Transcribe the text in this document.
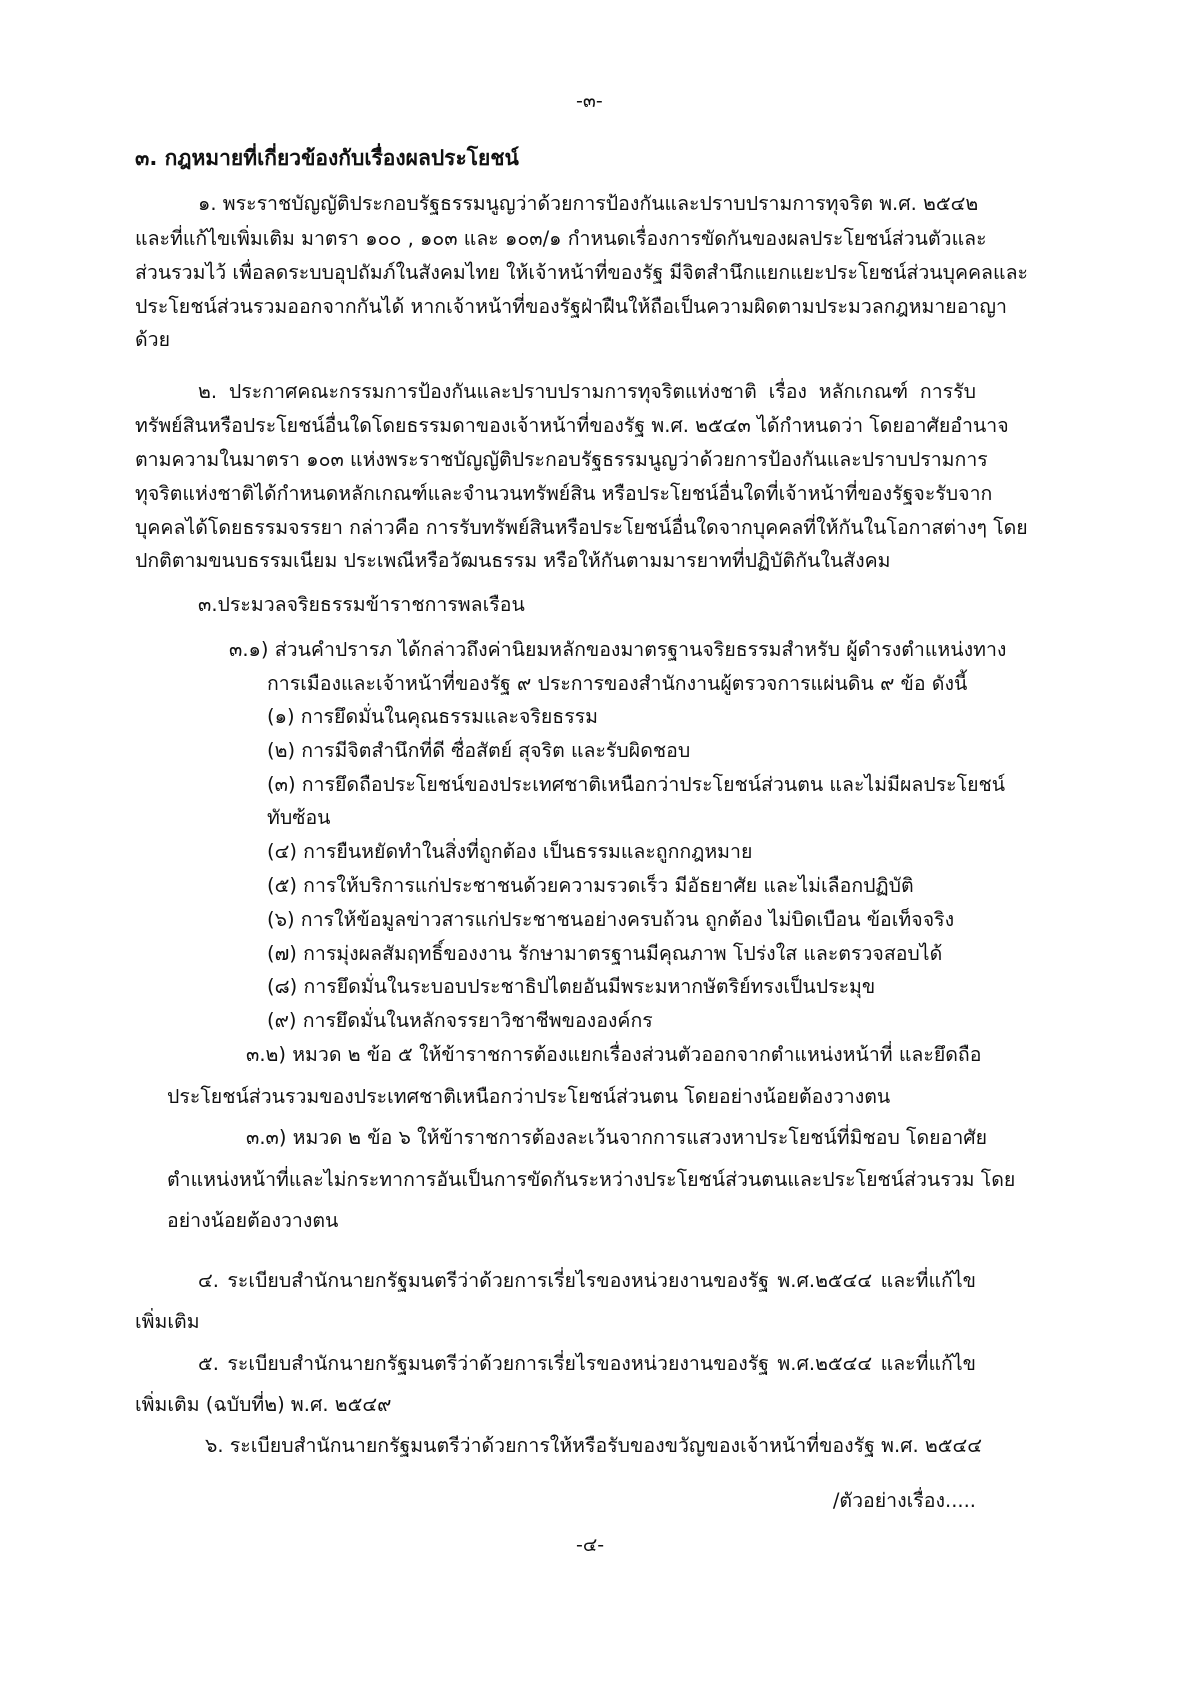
-๓-
๓. กฎหมายที่เกี่ยวข้องกับเรื่องผลประโยชน์
๑. พระราชบัญญัติประกอบรัฐธรรมนูญว่าด้วยการป้องกันและปราบปรามการทุจริต พ.ศ. ๒๕๔๒
และที่แก้ไขเพิ่มเติม มาตรา ๑๐๐ , ๑๐๓ และ ๑๐๓/๑ กำหนดเรื่องการขัดกันของผลประโยชน์ส่วนตัวและ
ส่วนรวมไว้ เพื่อลดระบบอุปถัมภ์ในสังคมไทย ให้เจ้าหน้าที่ของรัฐ มีจิตสำนึกแยกแยะประโยชน์ส่วนบุคคลและ
ประโยชน์ส่วนรวมออกจากกันได้ หากเจ้าหน้าที่ของรัฐฝ่าฝืนให้ถือเป็นความผิดตามประมวลกฎหมายอาญา
ด้วย
๒. ประกาศคณะกรรมการป้องกันและปราบปรามการทุจริตแห่งชาติ เรื่อง หลักเกณฑ์ การรับ
ทรัพย์สินหรือประโยชน์อื่นใดโดยธรรมดาของเจ้าหน้าที่ของรัฐ พ.ศ. ๒๕๔๓ ได้กำหนดว่า โดยอาศัยอำนาจ
ตามความในมาตรา ๑๐๓ แห่งพระราชบัญญัติประกอบรัฐธรรมนูญว่าด้วยการป้องกันและปราบปรามการ
ทุจริตแห่งชาติได้กำหนดหลักเกณฑ์และจำนวนทรัพย์สิน หรือประโยชน์อื่นใดที่เจ้าหน้าที่ของรัฐจะรับจาก
บุคคลได้โดยธรรมจรรยา กล่าวคือ การรับทรัพย์สินหรือประโยชน์อื่นใดจากบุคคลที่ให้กันในโอกาสต่างๆ โดย
ปกติตามขนบธรรมเนียม ประเพณีหรือวัฒนธรรม หรือให้กันตามมารยาทที่ปฏิบัติกันในสังคม
๓.ประมวลจริยธรรมข้าราชการพลเรือน
๓.๑) ส่วนคำปรารภ ได้กล่าวถึงค่านิยมหลักของมาตรฐานจริยธรรมสำหรับ ผู้ดำรงตำแหน่งทาง
การเมืองและเจ้าหน้าที่ของรัฐ ๙ ประการของสำนักงานผู้ตรวจการแผ่นดิน ๙ ข้อ ดังนี้
(๑) การยึดมั่นในคุณธรรมและจริยธรรม
(๒) การมีจิตสำนึกที่ดี ซื่อสัตย์ สุจริต และรับผิดชอบ
(๓) การยึดถือประโยชน์ของประเทศชาติเหนือกว่าประโยชน์ส่วนตน และไม่มีผลประโยชน์
ทับซ้อน
(๔) การยืนหยัดทำในสิ่งที่ถูกต้อง เป็นธรรมและถูกกฎหมาย
(๕) การให้บริการแก่ประชาชนด้วยความรวดเร็ว มีอัธยาศัย และไม่เลือกปฏิบัติ
(๖) การให้ข้อมูลข่าวสารแก่ประชาชนอย่างครบถ้วน ถูกต้อง ไม่บิดเบือน ข้อเท็จจริง
(๗) การมุ่งผลสัมฤทธิ์ของงาน รักษามาตรฐานมีคุณภาพ โปร่งใส และตรวจสอบได้
(๘) การยึดมั่นในระบอบประชาธิปไตยอันมีพระมหากษัตริย์ทรงเป็นประมุข
(๙) การยึดมั่นในหลักจรรยาวิชาชีพขององค์กร
๓.๒) หมวด ๒ ข้อ ๕ ให้ข้าราชการต้องแยกเรื่องส่วนตัวออกจากตำแหน่งหน้าที่ และยึดถือ
ประโยชน์ส่วนรวมของประเทศชาติเหนือกว่าประโยชน์ส่วนตน โดยอย่างน้อยต้องวางตน
๓.๓) หมวด ๒ ข้อ ๖ ให้ข้าราชการต้องละเว้นจากการแสวงหาประโยชน์ที่มิชอบ โดยอาศัย
ตำแหน่งหน้าที่และไม่กระทาการอันเป็นการขัดกันระหว่างประโยชน์ส่วนตนและประโยชน์ส่วนรวม โดย
อย่างน้อยต้องวางตน
๔. ระเบียบสำนักนายกรัฐมนตรีว่าด้วยการเรี่ยไรของหน่วยงานของรัฐ พ.ศ.๒๕๔๔ และที่แก้ไข
เพิ่มเติม
๕. ระเบียบสำนักนายกรัฐมนตรีว่าด้วยการเรี่ยไรของหน่วยงานของรัฐ พ.ศ.๒๕๔๔ และที่แก้ไข
เพิ่มเติม (ฉบับที่๒) พ.ศ. ๒๕๔๙
๖. ระเบียบสำนักนายกรัฐมนตรีว่าด้วยการให้หรือรับของขวัญของเจ้าหน้าที่ของรัฐ พ.ศ. ๒๕๔๔
/ตัวอย่างเรื่อง.....
-๔-
